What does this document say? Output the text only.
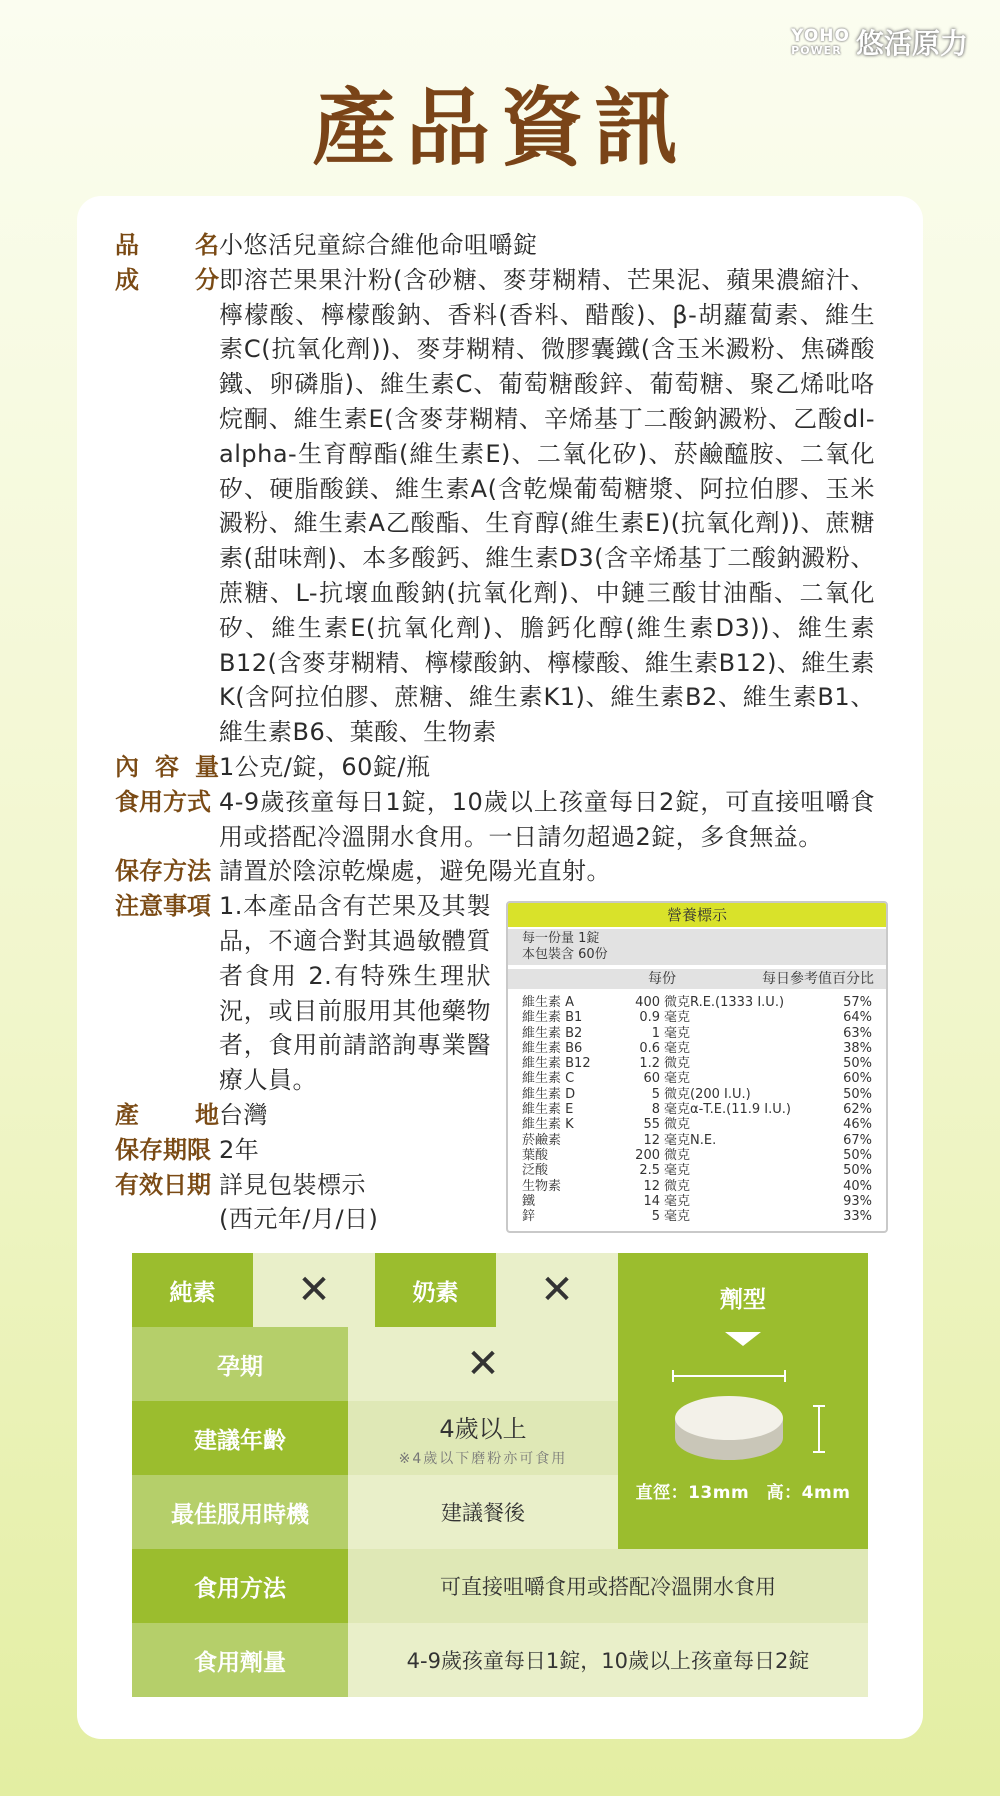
YOHO
POWER 悠活原力
產品資訊
品 名 小悠活兒童綜合維他命咀嚼錠
成 分 即溶芒果果汁粉(含砂糖、麥芽糊精、芒果泥、蘋果濃縮汁、檸檬酸、檸檬酸鈉、香料(香料、醋酸)、β-胡蘿蔔素、維生素C(抗氧化劑))、麥芽糊精、微膠囊鐵(含玉米澱粉、焦磷酸鐵、卵磷脂)、維生素C、葡萄糖酸鋅、葡萄糖、聚乙烯吡咯烷酮、維生素E(含麥芽糊精、辛烯基丁二酸鈉澱粉、乙酸dl-alpha-生育醇酯(維生素E)、二氧化矽)、菸鹼醯胺、二氧化矽、硬脂酸鎂、維生素A(含乾燥葡萄糖漿、阿拉伯膠、玉米澱粉、維生素A乙酸酯、生育醇(維生素E)(抗氧化劑))、蔗糖素(甜味劑)、本多酸鈣、維生素D3(含辛烯基丁二酸鈉澱粉、蔗糖、L-抗壞血酸鈉(抗氧化劑)、中鏈三酸甘油酯、二氧化矽、維生素E(抗氧化劑)、膽鈣化醇(維生素D3))、維生素B12(含麥芽糊精、檸檬酸鈉、檸檬酸、維生素B12)、維生素K(含阿拉伯膠、蔗糖、維生素K1)、維生素B2、維生素B1、維生素B6、葉酸、生物素
內 容 量 1公克/錠，60錠/瓶
食用方式 4-9歲孩童每日1錠，10歲以上孩童每日2錠，可直接咀嚼食用或搭配冷溫開水食用。一日請勿超過2錠，多食無益。
保存方法 請置於陰涼乾燥處，避免陽光直射。
注意事項 1.本產品含有芒果及其製品，不適合對其過敏體質者食用 2.有特殊生理狀況，或目前服用其他藥物者，食用前請諮詢專業醫療人員。
產 地 台灣
保存期限 2年
有效日期 詳見包裝標示
(西元年/月/日)
營養標示
每一份量 1錠
本包裝含 60份
每份	每日參考值百分比
維生素 A	400 微克R.E.(1333 I.U.)	57%
維生素 B1	0.9 毫克	64%
維生素 B2	1 毫克	63%
維生素 B6	0.6 毫克	38%
維生素 B12	1.2 微克	50%
維生素 C	60 毫克	60%
維生素 D	5 微克(200 I.U.)	50%
維生素 E	8 毫克α-T.E.(11.9 I.U.)	62%
維生素 K	55 微克	46%
菸鹼素	12 毫克N.E.	67%
葉酸	200 微克	50%
泛酸	2.5 毫克	50%
生物素	12 微克	40%
鐵	14 毫克	93%
鋅	5 毫克	33%
純素	✕	奶素	✕
孕期	✕
建議年齡	4歲以上
※4歲以下磨粉亦可食用
最佳服用時機	建議餐後
劑型
直徑：13mm　高：4mm
食用方法	可直接咀嚼食用或搭配冷溫開水食用
食用劑量	4-9歲孩童每日1錠，10歲以上孩童每日2錠
